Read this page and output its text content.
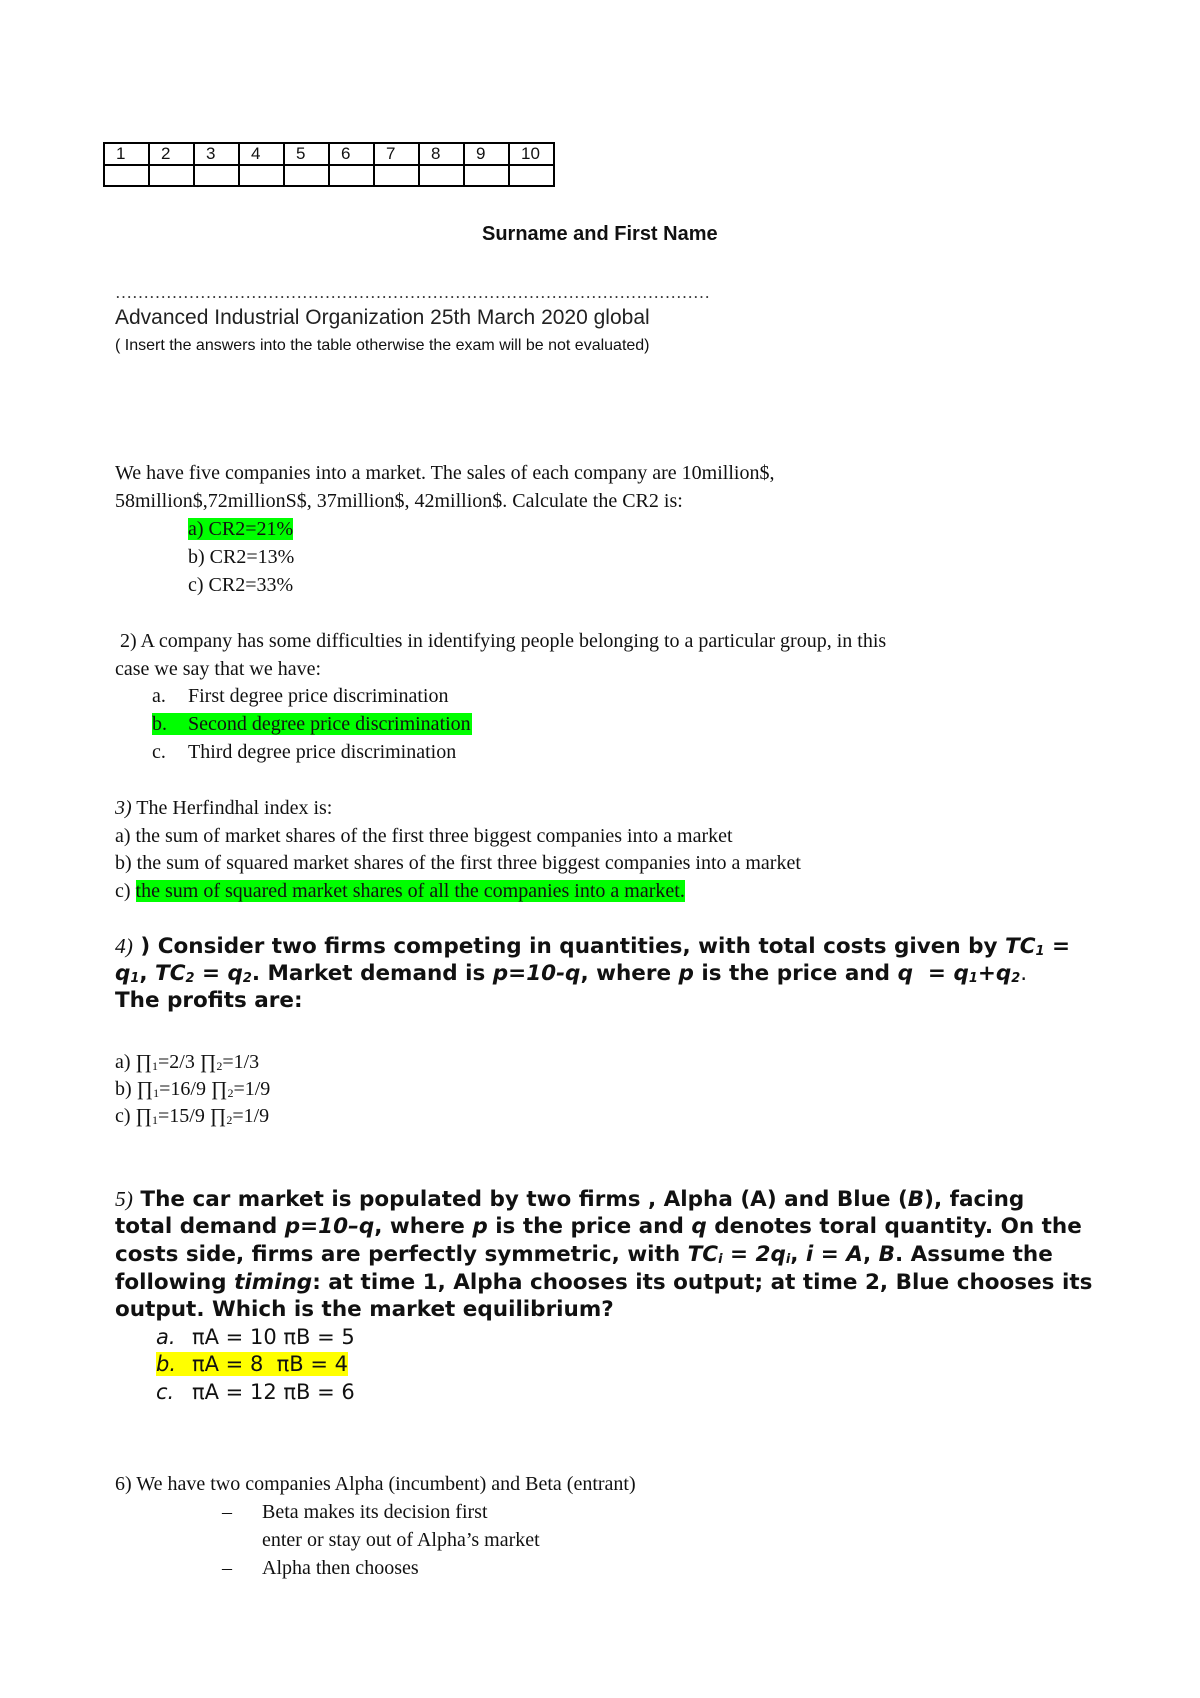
1	2	3	4	5	6	7	8	9	10

Surname and First Name
……………………………………………………………………………………………
Advanced Industrial Organization 25th March 2020 global
( Insert the answers into the table otherwise the exam will be not evaluated)
We have five companies into a market. The sales of each company are 10million$,
58million$,72millionS$, 37million$, 42million$. Calculate the CR2 is:
a) CR2=21%
b) CR2=13%
c) CR2=33%
2) A company has some difficulties in identifying people belonging to a particular group, in this
case we say that we have:
a. First degree price discrimination
b. Second degree price discrimination
c. Third degree price discrimination
3) The Herfindhal index is:
a) the sum of market shares of the first three biggest companies into a market
b) the sum of squared market shares of the first three biggest companies into a market
c) the sum of squared market shares of all the companies into a market.
4) ) Consider two firms competing in quantities, with total costs given by $TC_1$ =
$q_1$, $TC_2 = q_2$. Market demand is p=10-q, where p is the price and $q = q_1+q_2$.
The profits are:
a) $\prod_1=2/3$ $\prod_2=1/3$
b) $\prod_1=16/9$ $\prod_2=1/9$
c) $\prod_1=15/9$ $\prod_2=1/9$
5) The car market is populated by two firms , Alpha (A) and Blue (B), facing
total demand p=10–q, where p is the price and q denotes toral quantity. On the
costs side, firms are perfectly symmetric, with $TC_i = 2q_i$, i = A, B. Assume the
following timing: at time 1, Alpha chooses its output; at time 2, Blue chooses its
output. Which is the market equilibrium?
a. πA = 10 πB = 5
b. πA = 8  πB = 4
c. πA = 12 πB = 6
6) We have two companies Alpha (incumbent) and Beta (entrant)
– Beta makes its decision first
enter or stay out of Alpha’s market
– Alpha then chooses
